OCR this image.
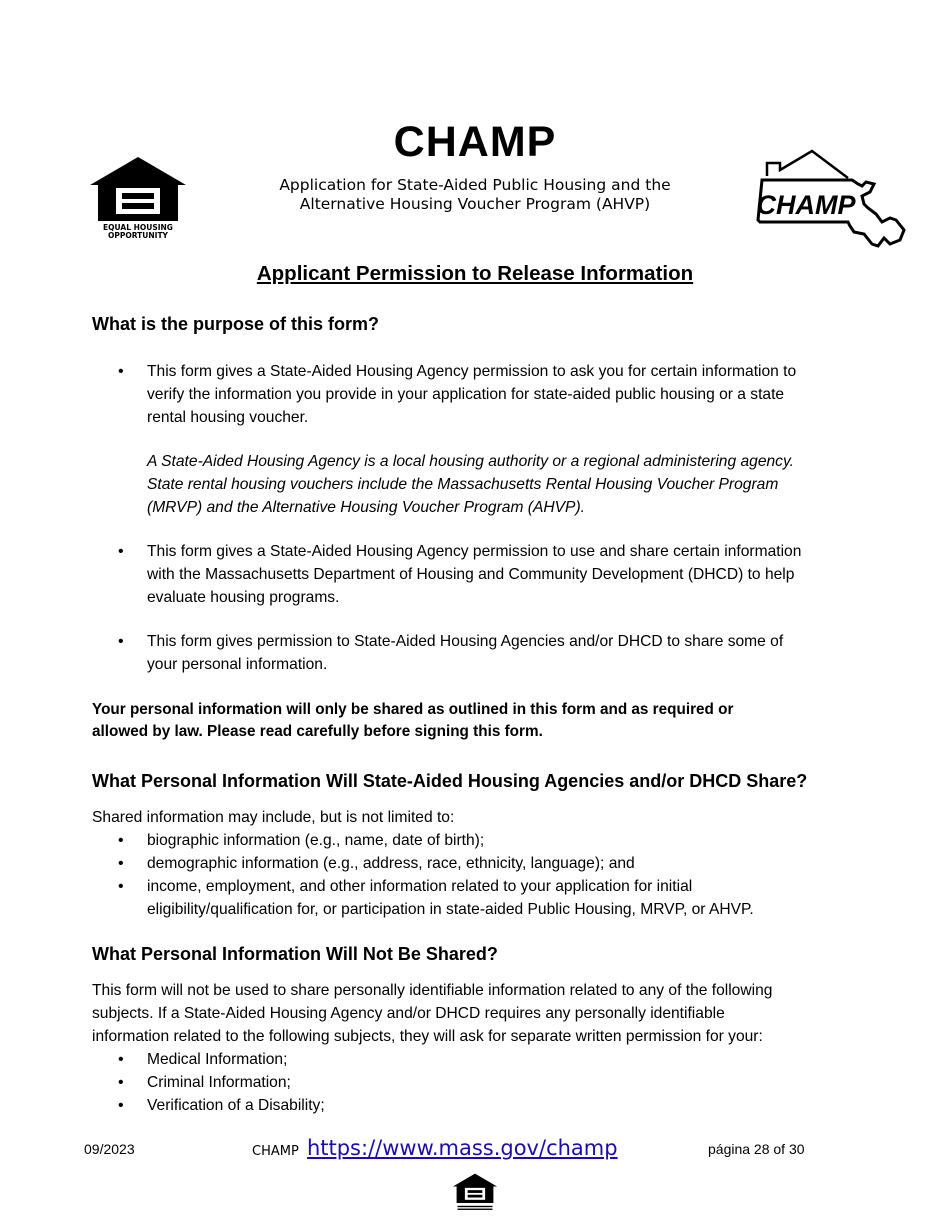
CHAMP
Application for State-Aided Public Housing and the
Alternative Housing Voucher Program (AHVP)
EQUAL HOUSING
OPPORTUNITY
CHAMP
Applicant Permission to Release Information
What is the purpose of this form?
• This form gives a State-Aided Housing Agency permission to ask you for certain information to
verify the information you provide in your application for state-aided public housing or a state
rental housing voucher.
A State-Aided Housing Agency is a local housing authority or a regional administering agency.
State rental housing vouchers include the Massachusetts Rental Housing Voucher Program
(MRVP) and the Alternative Housing Voucher Program (AHVP).
• This form gives a State-Aided Housing Agency permission to use and share certain information
with the Massachusetts Department of Housing and Community Development (DHCD) to help
evaluate housing programs.
• This form gives permission to State-Aided Housing Agencies and/or DHCD to share some of
your personal information.
Your personal information will only be shared as outlined in this form and as required or
allowed by law. Please read carefully before signing this form.
What Personal Information Will State-Aided Housing Agencies and/or DHCD Share?
Shared information may include, but is not limited to:
• biographic information (e.g., name, date of birth);
• demographic information (e.g., address, race, ethnicity, language); and
• income, employment, and other information related to your application for initial
eligibility/qualification for, or participation in state-aided Public Housing, MRVP, or AHVP.
What Personal Information Will Not Be Shared?
This form will not be used to share personally identifiable information related to any of the following
subjects. If a State-Aided Housing Agency and/or DHCD requires any personally identifiable
information related to the following subjects, they will ask for separate written permission for your:
• Medical Information;
• Criminal Information;
• Verification of a Disability;
09/2023	CHAMP https://www.mass.gov/champ	página 28 of 30
